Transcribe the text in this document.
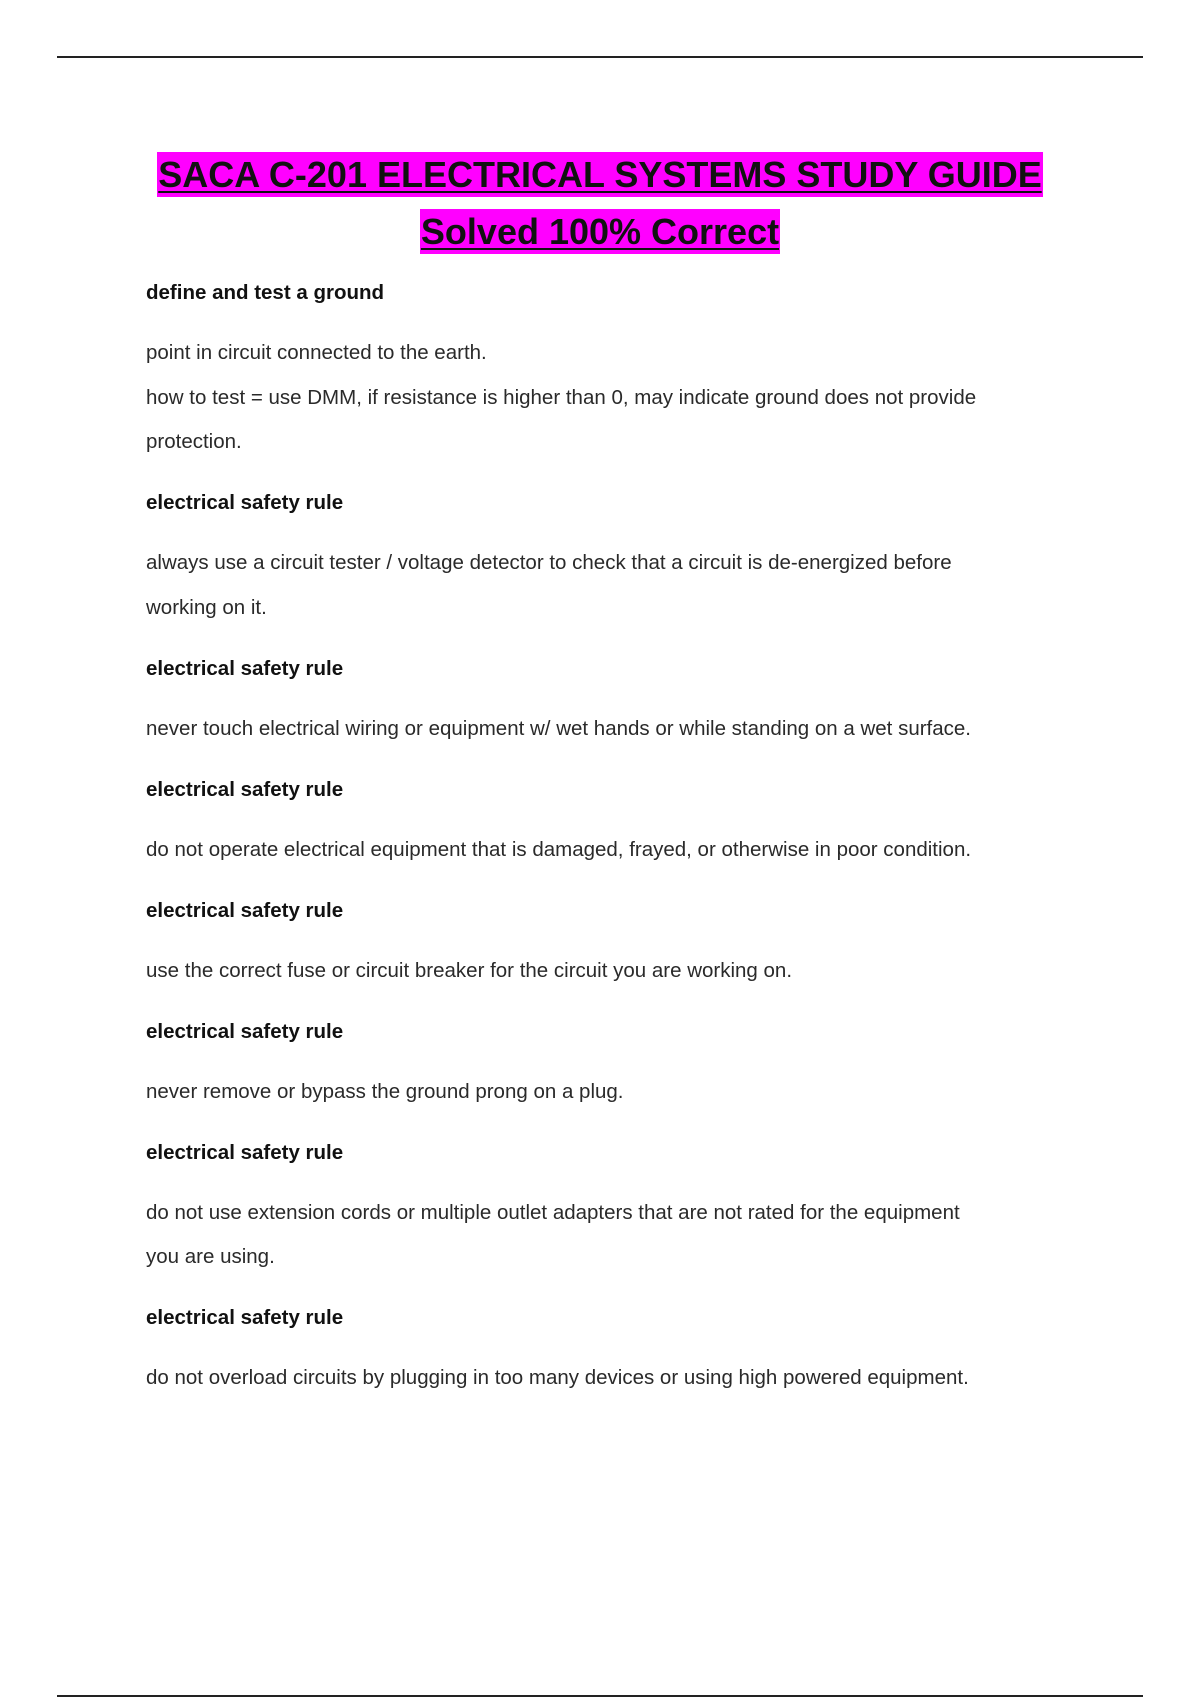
SACA C-201 ELECTRICAL SYSTEMS STUDY GUIDE
Solved 100% Correct

define and test a ground

point in circuit connected to the earth.

how to test = use DMM, if resistance is higher than 0, may indicate ground does not provide

protection.

electrical safety rule

always use a circuit tester / voltage detector to check that a circuit is de-energized before

working on it.

electrical safety rule

never touch electrical wiring or equipment w/ wet hands or while standing on a wet surface.

electrical safety rule

do not operate electrical equipment that is damaged, frayed, or otherwise in poor condition.

electrical safety rule

use the correct fuse or circuit breaker for the circuit you are working on.

electrical safety rule

never remove or bypass the ground prong on a plug.

electrical safety rule

do not use extension cords or multiple outlet adapters that are not rated for the equipment

you are using.

electrical safety rule

do not overload circuits by plugging in too many devices or using high powered equipment.
